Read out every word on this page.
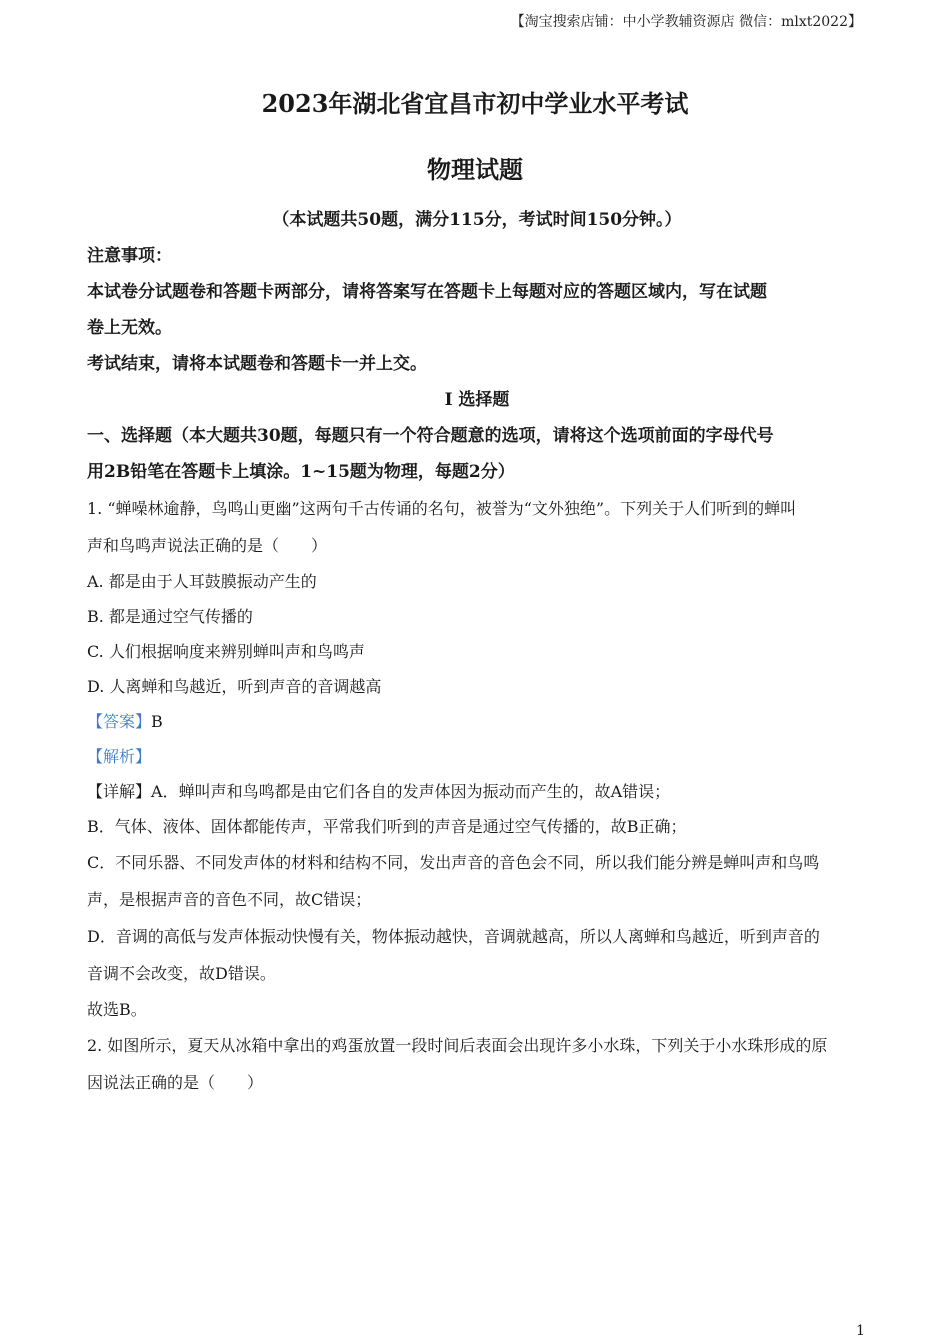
【淘宝搜索店铺：中小学教辅资源店 微信：mlxt2022】
2023年湖北省宜昌市初中学业水平考试
物理试题
（本试题共50题，满分115分，考试时间150分钟。）
注意事项：
本试卷分试题卷和答题卡两部分，请将答案写在答题卡上每题对应的答题区域内，写在试题
卷上无效。
考试结束，请将本试题卷和答题卡一并上交。
I 选择题
一、选择题（本大题共30题，每题只有一个符合题意的选项，请将这个选项前面的字母代号
用2B铅笔在答题卡上填涂。1~15题为物理，每题2分）
1. “蝉噪林逾静，鸟鸣山更幽”这两句千古传诵的名句，被誉为“文外独绝”。下列关于人们听到的蝉叫
声和鸟鸣声说法正确的是（　　）
A. 都是由于人耳鼓膜振动产生的
B. 都是通过空气传播的
C. 人们根据响度来辨别蝉叫声和鸟鸣声
D. 人离蝉和鸟越近，听到声音的音调越高
【答案】B
【解析】
【详解】A．蝉叫声和鸟鸣都是由它们各自的发声体因为振动而产生的，故A错误；
B．气体、液体、固体都能传声，平常我们听到的声音是通过空气传播的，故B正确；
C．不同乐器、不同发声体的材料和结构不同，发出声音的音色会不同，所以我们能分辨是蝉叫声和鸟鸣
声，是根据声音的音色不同，故C错误；
D．音调的高低与发声体振动快慢有关，物体振动越快，音调就越高，所以人离蝉和鸟越近，听到声音的
音调不会改变，故D错误。
故选B。
2. 如图所示，夏天从冰箱中拿出的鸡蛋放置一段时间后表面会出现许多小水珠，下列关于小水珠形成的原
因说法正确的是（　　）
1
